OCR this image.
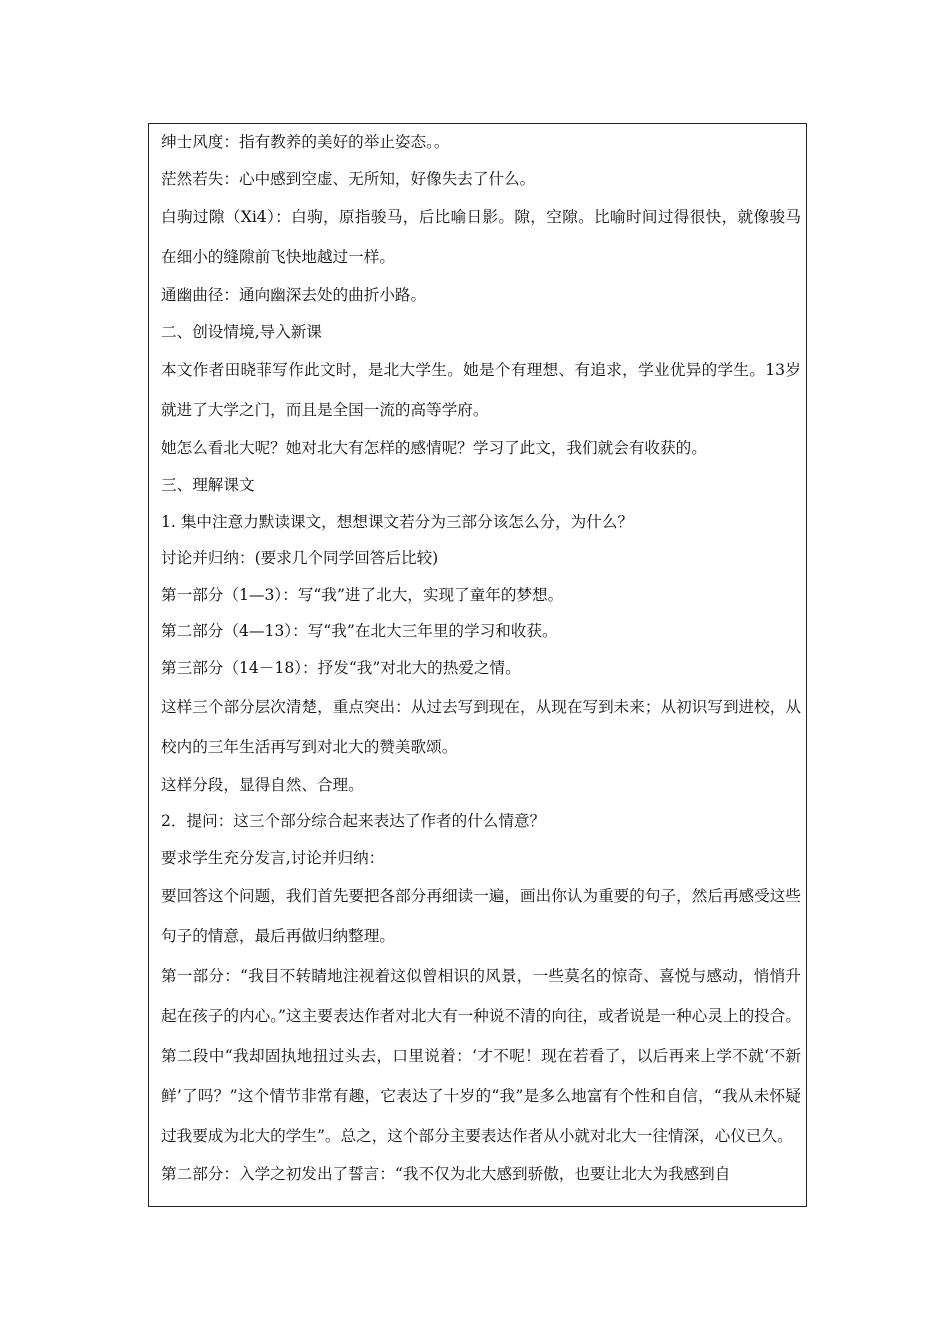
绅士风度：指有教养的美好的举止姿态。。

茫然若失：心中感到空虚、无所知，好像失去了什么。

白驹过隙（Xi4）：白驹，原指骏马，后比喻日影。隙，空隙。比喻时间过得很快，就像骏马在细小的缝隙前飞快地越过一样。

通幽曲径：通向幽深去处的曲折小路。

二、创设情境,导入新课

本文作者田晓菲写作此文时，是北大学生。她是个有理想、有追求，学业优异的学生。13岁就进了大学之门，而且是全国一流的高等学府。

她怎么看北大呢？她对北大有怎样的感情呢？学习了此文，我们就会有收获的。

三、理解课文

1. 集中注意力默读课文，想想课文若分为三部分该怎么分，为什么？

讨论并归纳：(要求几个同学回答后比较)

第一部分（1—3）：写“我”进了北大，实现了童年的梦想。

第二部分（4—13）：写“我”在北大三年里的学习和收获。

第三部分（14－18）：抒发“我”对北大的热爱之情。

这样三个部分层次清楚，重点突出：从过去写到现在，从现在写到未来；从初识写到进校，从校内的三年生活再写到对北大的赞美歌颂。

这样分段，显得自然、合理。

2．提问：这三个部分综合起来表达了作者的什么情意？

要求学生充分发言,讨论并归纳：

要回答这个问题，我们首先要把各部分再细读一遍，画出你认为重要的句子，然后再感受这些句子的情意，最后再做归纳整理。

第一部分：“我目不转睛地注视着这似曾相识的风景，一些莫名的惊奇、喜悦与感动，悄悄升起在孩子的内心。”这主要表达作者对北大有一种说不清的向往，或者说是一种心灵上的投合。第二段中“我却固执地扭过头去，口里说着：‘才不呢！现在若看了，以后再来上学不就‘不新鲜’了吗？”这个情节非常有趣，它表达了十岁的“我”是多么地富有个性和自信，“我从未怀疑过我要成为北大的学生”。总之，这个部分主要表达作者从小就对北大一往情深，心仪已久。

第二部分：入学之初发出了誓言：“我不仅为北大感到骄傲，也要让北大为我感到自
